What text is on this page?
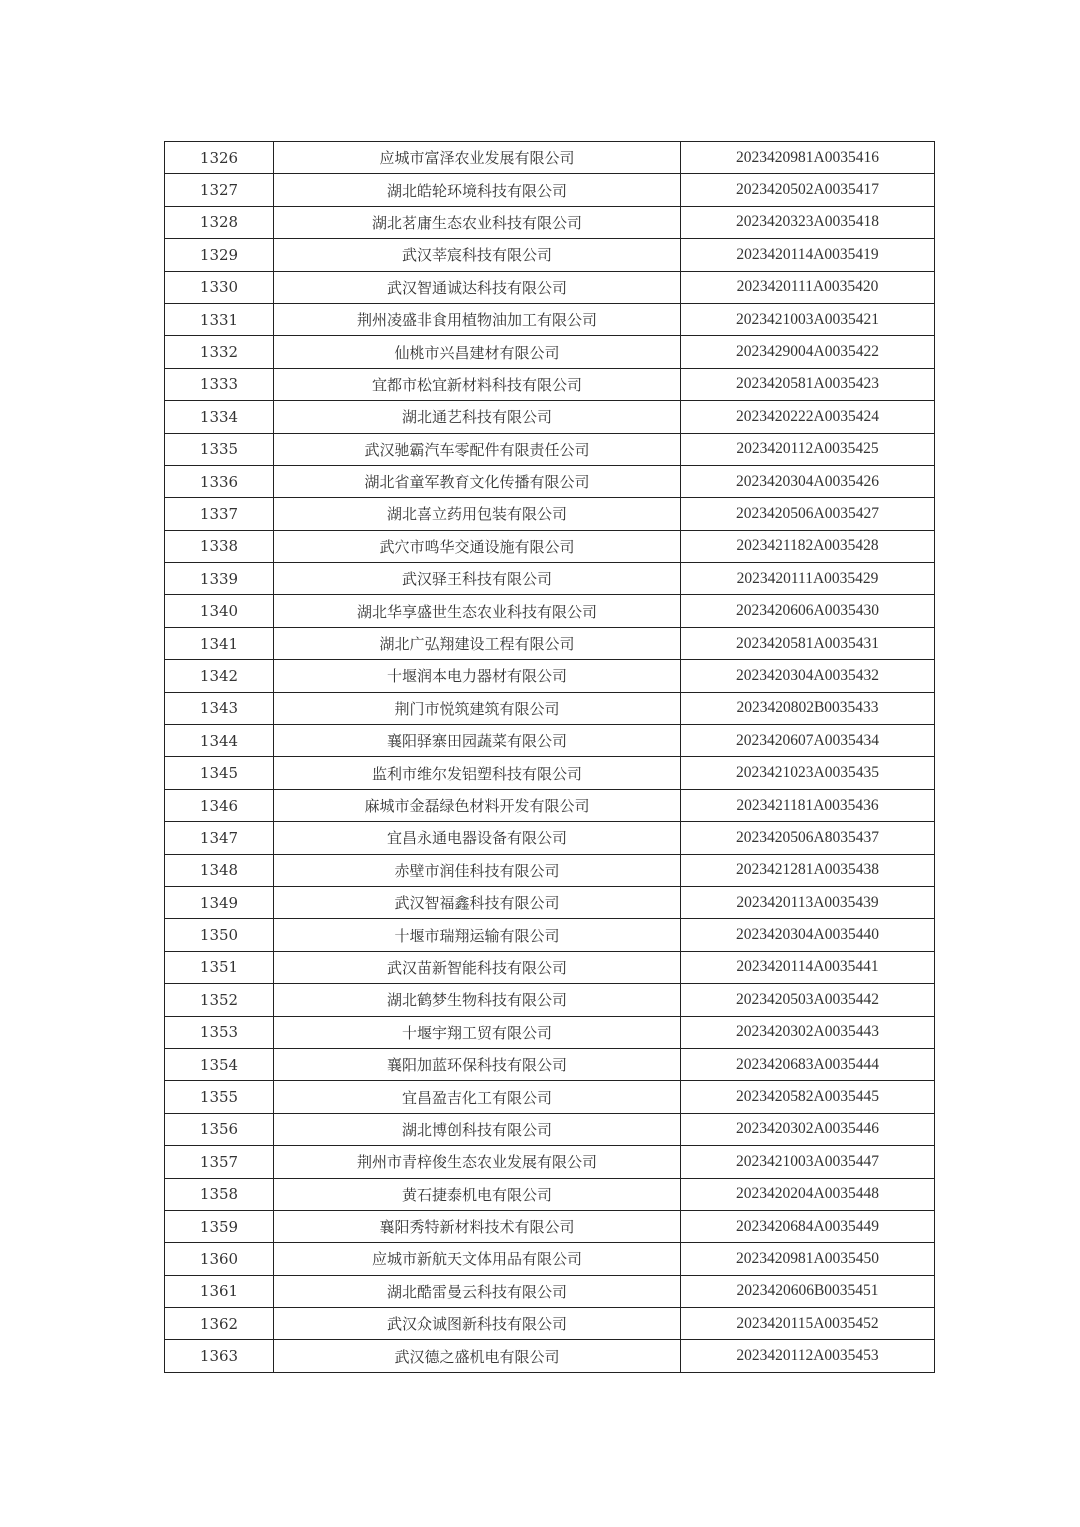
1326	应城市富泽农业发展有限公司	2023420981A0035416
1327	湖北皓轮环境科技有限公司	2023420502A0035417
1328	湖北茗庸生态农业科技有限公司	2023420323A0035418
1329	武汉莘宸科技有限公司	2023420114A0035419
1330	武汉智通诚达科技有限公司	2023420111A0035420
1331	荆州凌盛非食用植物油加工有限公司	2023421003A0035421
1332	仙桃市兴昌建材有限公司	2023429004A0035422
1333	宜都市松宜新材料科技有限公司	2023420581A0035423
1334	湖北通艺科技有限公司	2023420222A0035424
1335	武汉驰霸汽车零配件有限责任公司	2023420112A0035425
1336	湖北省童军教育文化传播有限公司	2023420304A0035426
1337	湖北喜立药用包装有限公司	2023420506A0035427
1338	武穴市鸣华交通设施有限公司	2023421182A0035428
1339	武汉驿王科技有限公司	2023420111A0035429
1340	湖北华享盛世生态农业科技有限公司	2023420606A0035430
1341	湖北广弘翔建设工程有限公司	2023420581A0035431
1342	十堰润本电力器材有限公司	2023420304A0035432
1343	荆门市悦筑建筑有限公司	2023420802B0035433
1344	襄阳驿寨田园蔬菜有限公司	2023420607A0035434
1345	监利市维尔发铝塑科技有限公司	2023421023A0035435
1346	麻城市金磊绿色材料开发有限公司	2023421181A0035436
1347	宜昌永通电器设备有限公司	2023420506A8035437
1348	赤壁市润佳科技有限公司	2023421281A0035438
1349	武汉智福鑫科技有限公司	2023420113A0035439
1350	十堰市瑞翔运输有限公司	2023420304A0035440
1351	武汉苗新智能科技有限公司	2023420114A0035441
1352	湖北鹤梦生物科技有限公司	2023420503A0035442
1353	十堰宇翔工贸有限公司	2023420302A0035443
1354	襄阳加蓝环保科技有限公司	2023420683A0035444
1355	宜昌盈吉化工有限公司	2023420582A0035445
1356	湖北博创科技有限公司	2023420302A0035446
1357	荆州市青梓俊生态农业发展有限公司	2023421003A0035447
1358	黄石捷泰机电有限公司	2023420204A0035448
1359	襄阳秀特新材料技术有限公司	2023420684A0035449
1360	应城市新航天文体用品有限公司	2023420981A0035450
1361	湖北酷雷曼云科技有限公司	2023420606B0035451
1362	武汉众诚图新科技有限公司	2023420115A0035452
1363	武汉德之盛机电有限公司	2023420112A0035453
